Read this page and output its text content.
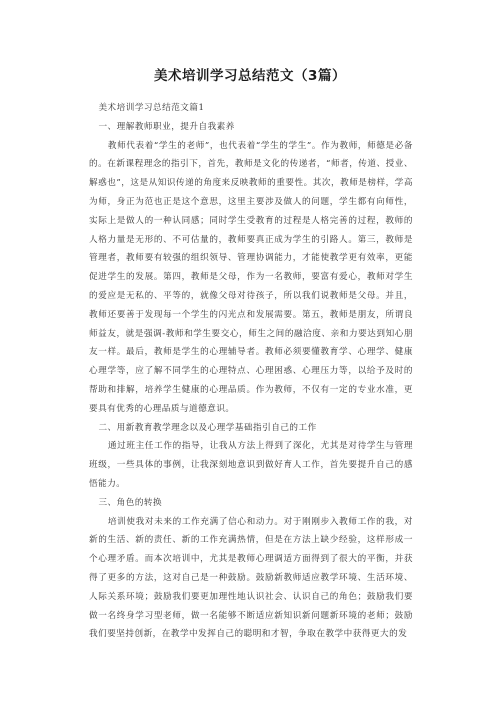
美术培训学习总结范文（3篇）

美术培训学习总结范文篇1

一、理解教师职业，提升自我素养

教师代表着“学生的老师”，也代表着“学生的学生”。作为教师，师德是必备的。在新课程理念的指引下，首先，教师是文化的传递者，“师者，传道、授业、解惑也”，这是从知识传递的角度来反映教师的重要性。其次，教师是榜样，学高为师，身正为范也正是这个意思，这里主要涉及做人的问题，学生都有向师性，实际上是做人的一种认同感；同时学生受教育的过程是人格完善的过程，教师的人格力量是无形的、不可估量的，教师要真正成为学生的引路人。第三，教师是管理者，教师要有较强的组织领导、管理协调能力，才能使教学更有效率，更能促进学生的发展。第四，教师是父母，作为一名教师，要富有爱心，教师对学生的爱应是无私的、平等的，就像父母对待孩子，所以我们说教师是父母。并且，教师还要善于发现每一个学生的闪光点和发展需要。第五，教师是朋友，所谓良师益友，就是强调-教师和学生要交心，师生之间的融洽度、亲和力要达到知心朋友一样。最后，教师是学生的心理辅导者。教师必须要懂教育学、心理学、健康心理学等，应了解不同学生的心理特点、心理困惑、心理压力等，以给予及时的帮助和排解，培养学生健康的心理品质。作为教师，不仅有一定的专业水准，更要具有优秀的心理品质与道德意识。

二、用新教育教学理念以及心理学基础指引自己的工作

通过班主任工作的指导，让我从方法上得到了深化，尤其是对待学生与管理班级，一些具体的事例，让我深刻地意识到做好育人工作，首先要提升自己的感悟能力。

三、角色的转换

培训使我对未来的工作充满了信心和动力。对于刚刚步入教师工作的我，对新的生活、新的责任、新的工作充满热情，但是在方法上缺少经验，这样形成一个心理矛盾。而本次培训中，尤其是教师心理调适方面得到了很大的平衡，并获得了更多的方法，这对自己是一种鼓励。鼓励新教师适应教学环境、生活环境、人际关系环境；鼓励我们要更加理性地认识社会、认识自己的角色；鼓励我们要做一名终身学习型老师，做一名能够不断适应新知识新问题新环境的老师；鼓励我们要坚持创新，在教学中发挥自己的聪明和才智，争取在教学中获得更大的发
